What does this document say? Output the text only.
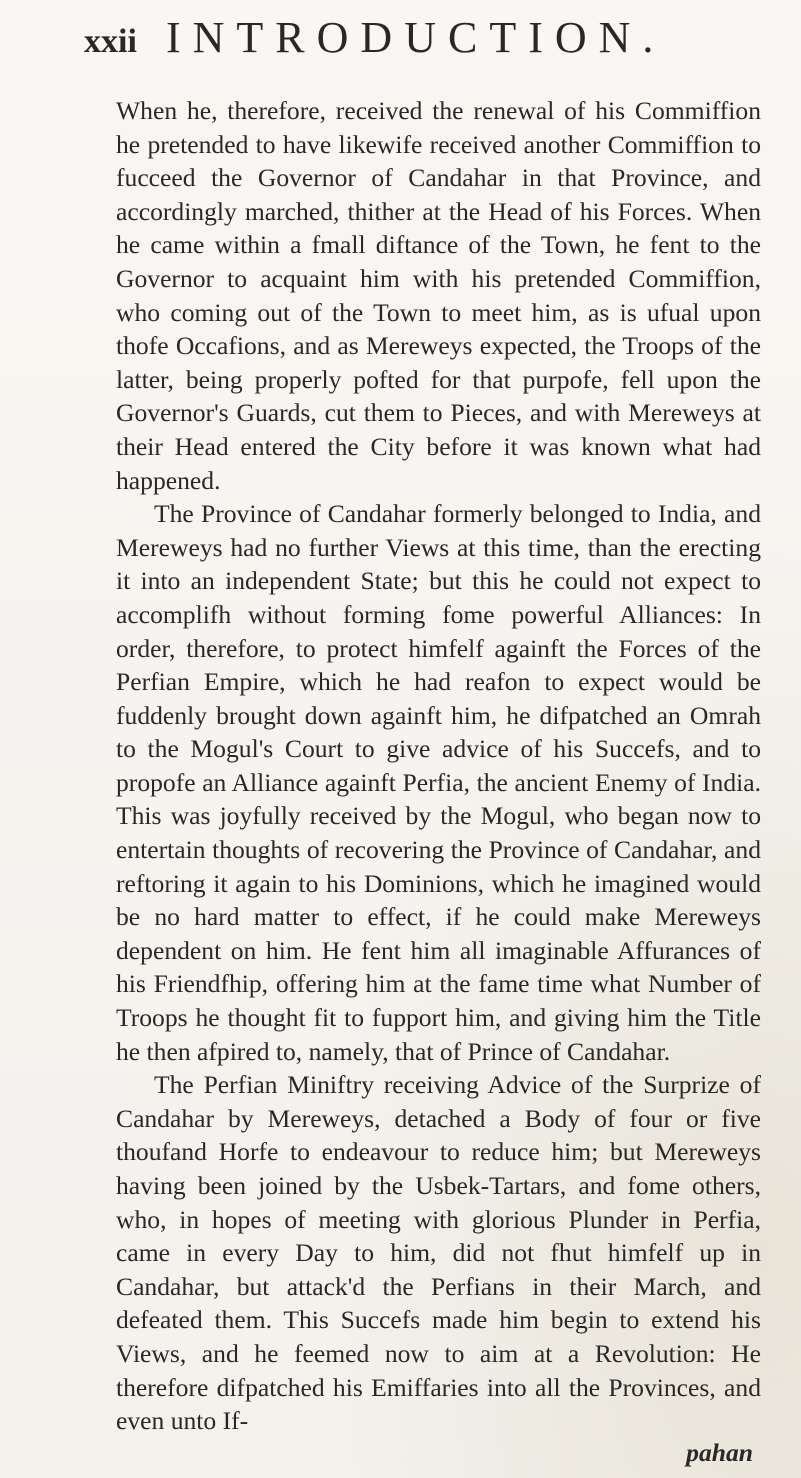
xxii INTRODUCTION.

When he, therefore, received the renewal of his Commiffion he pretended to have likewife received another Commiffion to fucceed the Governor of Candahar in that Province, and accordingly marched, thither at the Head of his Forces. When he came within a fmall diftance of the Town, he fent to the Governor to acquaint him with his pretended Commiffion, who coming out of the Town to meet him, as is ufual upon thofe Occafions, and as Mereweys expected, the Troops of the latter, being properly pofted for that purpofe, fell upon the Governor's Guards, cut them to Pieces, and with Mereweys at their Head entered the City before it was known what had happened.

The Province of Candahar formerly belonged to India, and Mereweys had no further Views at this time, than the erecting it into an independent State; but this he could not expect to accomplifh without forming fome powerful Alliances: In order, therefore, to protect himfelf againft the Forces of the Perfian Empire, which he had reafon to expect would be fuddenly brought down againft him, he difpatched an Omrah to the Mogul's Court to give advice of his Succefs, and to propofe an Alliance againft Perfia, the ancient Enemy of India. This was joyfully received by the Mogul, who began now to entertain thoughts of recovering the Province of Candahar, and reftoring it again to his Dominions, which he imagined would be no hard matter to effect, if he could make Mereweys dependent on him. He fent him all imaginable Affurances of his Friendfhip, offering him at the fame time what Number of Troops he thought fit to fupport him, and giving him the Title he then afpired to, namely, that of Prince of Candahar.

The Perfian Miniftry receiving Advice of the Surprize of Candahar by Mereweys, detached a Body of four or five thoufand Horfe to endeavour to reduce him; but Mereweys having been joined by the Usbek-Tartars, and fome others, who, in hopes of meeting with glorious Plunder in Perfia, came in every Day to him, did not fhut himfelf up in Candahar, but attack'd the Perfians in their March, and defeated them. This Succefs made him begin to extend his Views, and he feemed now to aim at a Revolution: He therefore difpatched his Emiffaries into all the Provinces, and even unto If-

pahan
